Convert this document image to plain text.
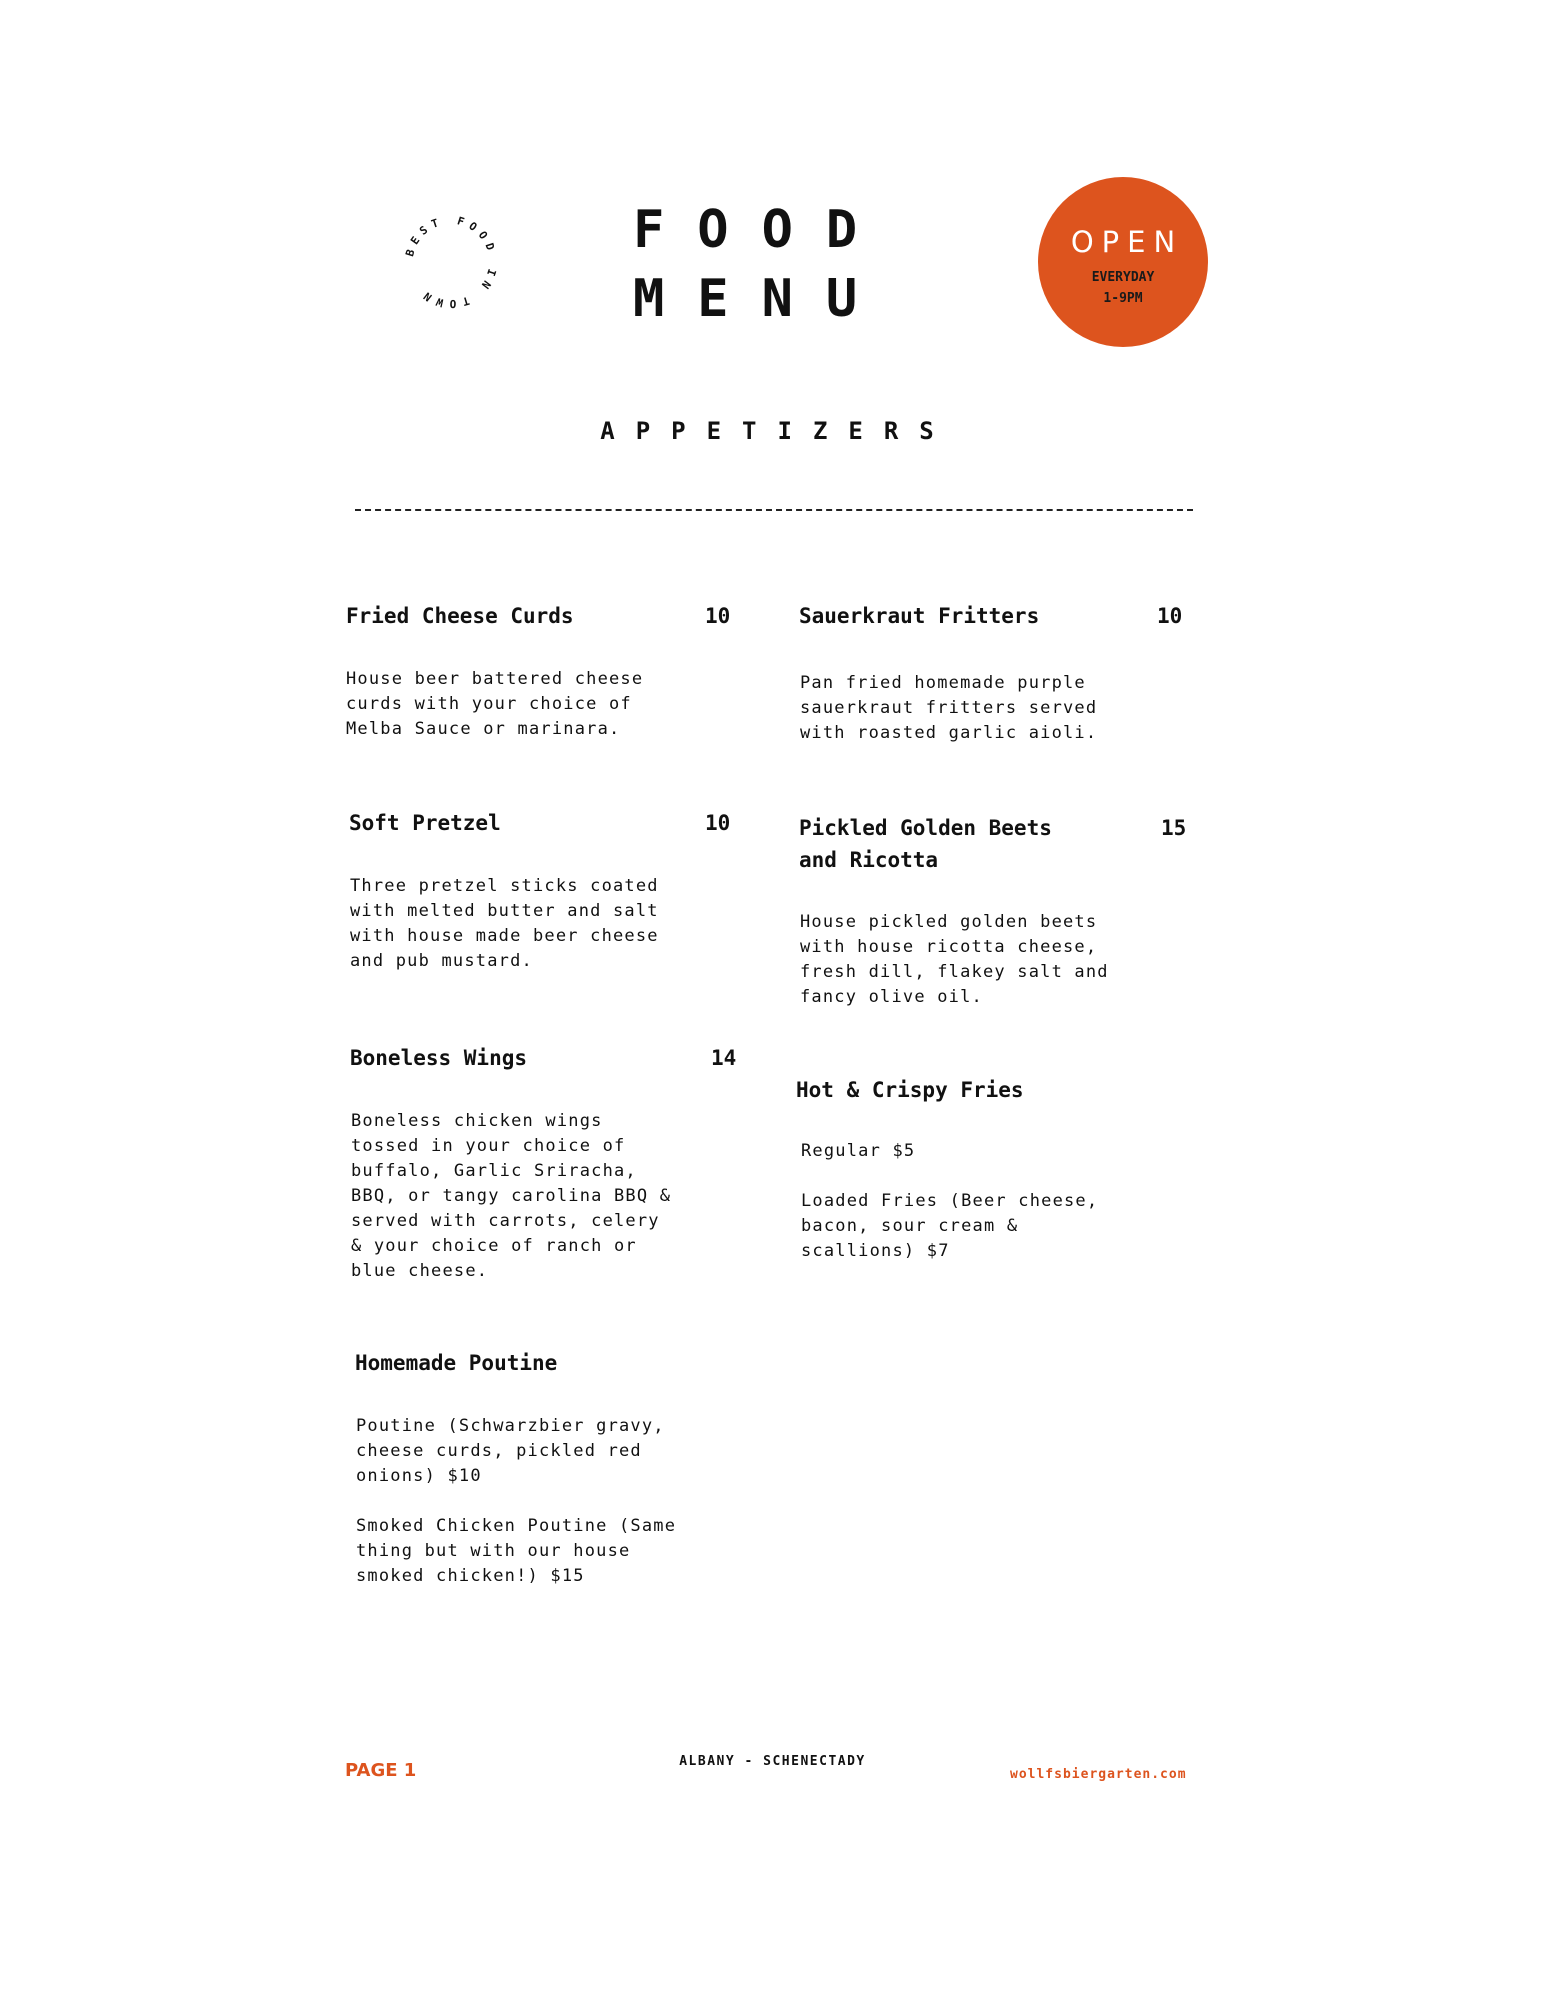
BEST FOOD IN TOWN
FOOD
MENU
OPEN
EVERYDAY
1-9PM
APPETIZERS
Fried Cheese Curds	10
House beer battered cheese
curds with your choice of
Melba Sauce or marinara.
Sauerkraut Fritters	10
Pan fried homemade purple
sauerkraut fritters served
with roasted garlic aioli.
Soft Pretzel	10
Three pretzel sticks coated
with melted butter and salt
with house made beer cheese
and pub mustard.
Pickled Golden Beets
and Ricotta
15
House pickled golden beets
with house ricotta cheese,
fresh dill, flakey salt and
fancy olive oil.
Boneless Wings	14
Boneless chicken wings
tossed in your choice of
buffalo, Garlic Sriracha,
BBQ, or tangy carolina BBQ &
served with carrots, celery
& your choice of ranch or
blue cheese.
Hot & Crispy Fries
Regular $5

Loaded Fries (Beer cheese,
bacon, sour cream &
scallions) $7
Homemade Poutine
Poutine (Schwarzbier gravy,
cheese curds, pickled red
onions) $10

Smoked Chicken Poutine (Same
thing but with our house
smoked chicken!) $15
PAGE 1	ALBANY - SCHENECTADY
wollfsbiergarten.com
